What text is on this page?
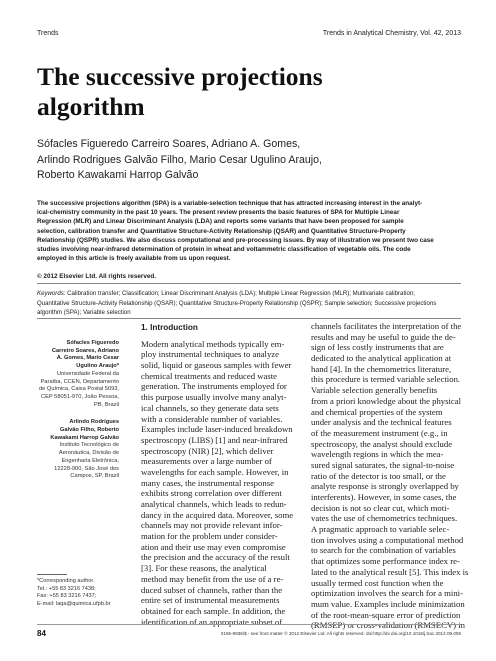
Trends	Trends in Analytical Chemistry, Vol. 42, 2013
The successive projections
algorithm
Sófacles Figueredo Carreiro Soares, Adriano A. Gomes,
Arlindo Rodrigues Galvão Filho, Mario Cesar Ugulino Araujo,
Roberto Kawakami Harrop Galvão
The successive projections algorithm (SPA) is a variable-selection technique that has attracted increasing interest in the analyt-
ical-chemistry community in the past 10 years. The present review presents the basic features of SPA for Multiple Linear
Regression (MLR) and Linear Discriminant Analysis (LDA) and reports some variants that have been proposed for sample
selection, calibration transfer and Quantitative Structure-Activity Relationship (QSAR) and Quantitative Structure-Property
Relationship (QSPR) studies. We also discuss computational and pre-processing issues. By way of illustration we present two case
studies involving near-infrared determination of protein in wheat and voltammetric classification of vegetable oils. The code
employed in this article is freely available from us upon request.
© 2012 Elsevier Ltd. All rights reserved.
Keywords: Calibration transfer; Classification; Linear Discriminant Analysis (LDA); Multiple Linear Regression (MLR); Multivariate calibration;
Quantitative Structure-Activity Relationship (QSAR); Quantitative Structure-Property Relationship (QSPR); Sample selection; Successive projections
algorithm (SPA); Variable selection
Sófacles Figueredo
Carreiro Soares, Adriano
A. Gomes, Mario Cesar
Ugulino Araujo*
Universidade Federal da
Paraíba, CCEN, Departamento
de Química, Caixa Postal 5093,
CEP 58051-970, João Pessoa,
PB, Brazil
Arlindo Rodrigues
Galvão Filho, Roberto
Kawakami Harrop Galvão
Instituto Tecnológico de
Aeronáutica, Divisão de
Engenharia Eletrônica,
12228-900, São José dos
Campos, SP, Brazil
*Corresponding author.
Tel.: +55 83 3216 7438;
Fax: +55 83 3216 7437;
E-mail: laqa@quimica.ufpb.br
1. Introduction
Modern analytical methods typically em-
ploy instrumental techniques to analyze
solid, liquid or gaseous samples with fewer
chemical treatments and reduced waste
generation. The instruments employed for
this purpose usually involve many analyt-
ical channels, so they generate data sets
with a considerable number of variables.
Examples include laser-induced breakdown
spectroscopy (LIBS) [1] and near-infrared
spectroscopy (NIR) [2], which deliver
measurements over a large number of
wavelengths for each sample. However, in
many cases, the instrumental response
exhibits strong correlation over different
analytical channels, which leads to redun-
dancy in the acquired data. Moreover, some
channels may not provide relevant infor-
mation for the problem under consider-
ation and their use may even compromise
the precision and the accuracy of the result
[3]. For these reasons, the analytical
method may benefit from the use of a re-
duced subset of channels, rather than the
entire set of instrumental measurements
obtained for each sample. In addition, the
identification of an appropriate subset of
channels facilitates the interpretation of the
results and may be useful to guide the de-
sign of less costly instruments that are
dedicated to the analytical application at
hand [4]. In the chemometrics literature,
this procedure is termed variable selection.
Variable selection generally benefits
from a priori knowledge about the physical
and chemical properties of the system
under analysis and the technical features
of the measurement instrument (e.g., in
spectroscopy, the analyst should exclude
wavelength regions in which the mea-
sured signal saturates, the signal-to-noise
ratio of the detector is too small, or the
analyte response is strongly overlapped by
interferents). However, in some cases, the
decision is not so clear cut, which moti-
vates the use of chemometrics techniques.
A pragmatic approach to variable selec-
tion involves using a computational method
to search for the combination of variables
that optimizes some performance index re-
lated to the analytical result [5]. This index is
usually termed cost function when the
optimization involves the search for a mini-
mum value. Examples include minimization
of the root-mean-square error of prediction
(RMSEP) or cross-validation (RMSECV) in
84	0165-9936/$ - see front matter © 2012 Elsevier Ltd. All rights reserved. doi:http://dx.doi.org/10.1016/j.trac.2012.09.006
